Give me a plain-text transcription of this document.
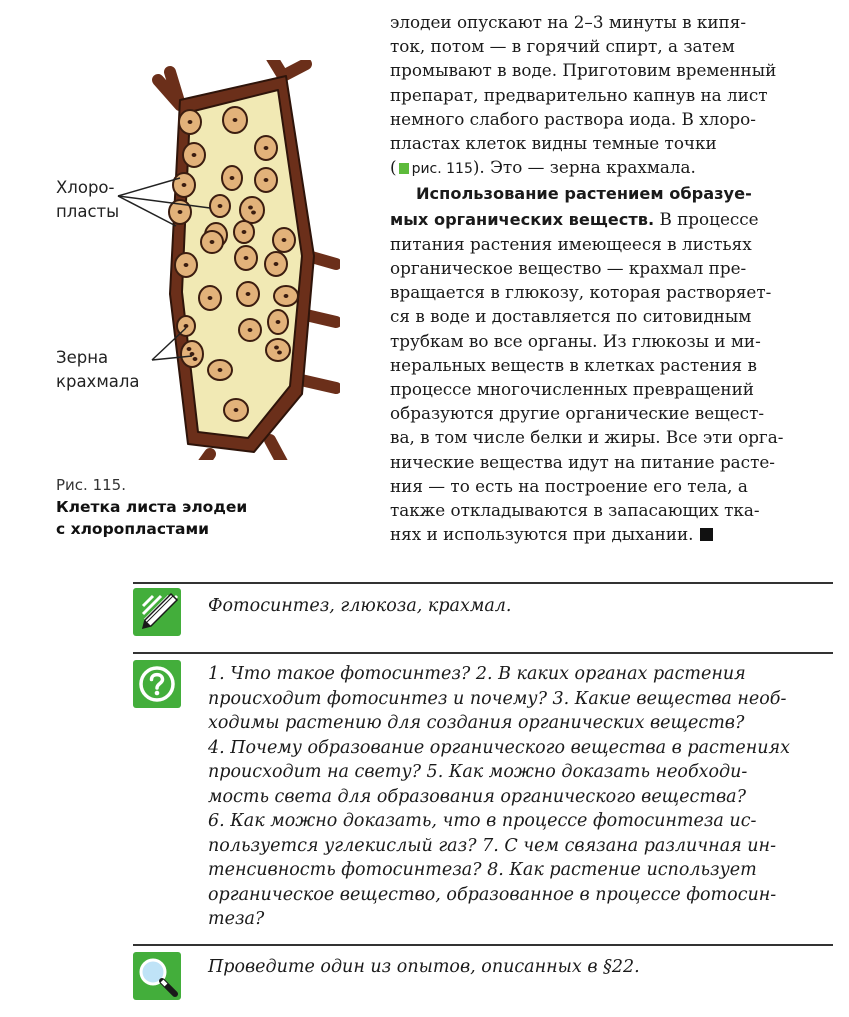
Хлоро-
пласты
Зерна
крахмала
Рис. 115.
Клетка листа элодеи
с хлоропластами
элодеи опускают на 2–3 минуты в кипя-
ток, потом — в горячий спирт, а затем
промывают в воде. Приготовим временный
препарат, предварительно капнув на лист
немного слабого раствора иода. В хлоро-
пластах клеток видны темные точки
( рис. 115). Это — зерна крахмала.
Использование растением образуе-
мых органических веществ. В процессе
питания растения имеющееся в листьях
органическое вещество — крахмал пре-
вращается в глюкозу, которая растворяет-
ся в воде и доставляется по ситовидным
трубкам во все органы. Из глюкозы и ми-
неральных веществ в клетках растения в
процессе многочисленных превращений
образуются другие органические вещест-
ва, в том числе белки и жиры. Все эти орга-
нические вещества идут на питание расте-
ния — то есть на построение его тела, а
также откладываются в запасающих тка-
нях и используются при дыхании.
Фотосинтез, глюкоза, крахмал.
1. Что такое фотосинтез? 2. В каких органах растения
происходит фотосинтез и почему? 3. Какие вещества необ-
ходимы растению для создания органических веществ?
4. Почему образование органического вещества в растениях
происходит на свету? 5. Как можно доказать необходи-
мость света для образования органического вещества?
6. Как можно доказать, что в процессе фотосинтеза ис-
пользуется углекислый газ? 7. С чем связана различная ин-
тенсивность фотосинтеза? 8. Как растение использует
органическое вещество, образованное в процессе фотосин-
теза?
Проведите один из опытов, описанных в §22.
